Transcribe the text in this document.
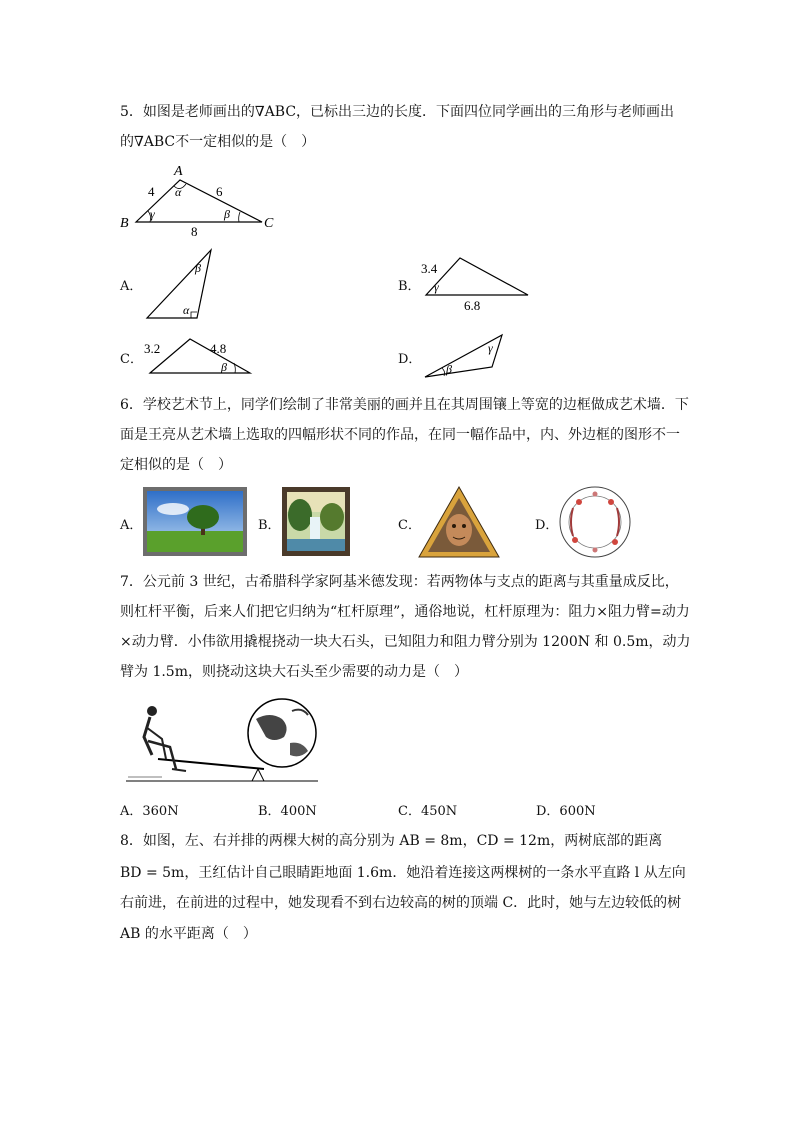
5．如图是老师画出的∇ABC，已标出三边的长度．下面四位同学画出的三角形与老师画出
的∇ABC不一定相似的是（　）
A
B	C
4	6
8
α
γ	β
A．
β
α
B．
3.4
6.8
γ
C．
3.2	4.8
β	D．
β
γ
6．学校艺术节上，同学们绘制了非常美丽的画并且在其周围镶上等宽的边框做成艺术墙．下
面是王亮从艺术墙上选取的四幅形状不同的作品，在同一幅作品中，内、外边框的图形不一
定相似的是（　）
A．	B．	C．	D．
7．公元前 3 世纪，古希腊科学家阿基米德发现：若两物体与支点的距离与其重量成反比，
则杠杆平衡，后来人们把它归纳为“杠杆原理”，通俗地说，杠杆原理为：阻力×阻力臂=动力
×动力臂．小伟欲用撬棍挠动一块大石头，已知阻力和阻力臂分别为 1200N 和 0.5m，动力
臂为 1.5m，则挠动这块大石头至少需要的动力是（　）
A．360N	B．400N	C．450N	D．600N
8．如图，左、右并排的两棵大树的高分别为 AB = 8m，CD = 12m，两树底部的距离
BD = 5m，王红估计自己眼睛距地面 1.6m．她沿着连接这两棵树的一条水平直路 l 从左向
右前进，在前进的过程中，她发现看不到右边较高的树的顶端 C．此时，她与左边较低的树
AB 的水平距离（　）
